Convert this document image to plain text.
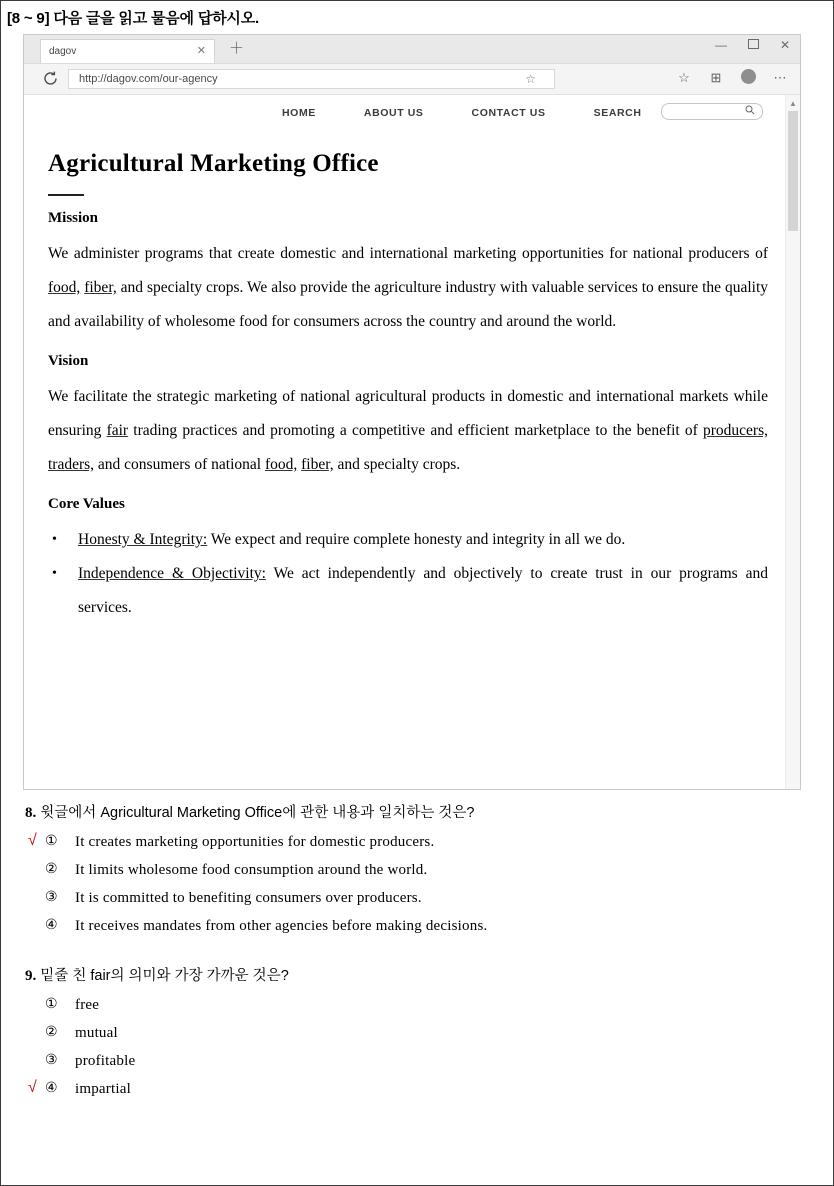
[8 ~ 9] 다음 글을 읽고 물음에 답하시오.
dagov	✕ ＋	—	✕
http://dagov.com/our-agency	☆	☆ ⊞	⋯
HOME	ABOUT US	CONTACT US	SEARCH
Agricultural Marketing Office
Mission

We administer programs that create domestic and international marketing opportunities for national producers of food, fiber, and specialty crops. We also provide the agriculture industry with valuable services to ensure the quality and availability of wholesome food for consumers across the country and around the world.

Vision

We facilitate the strategic marketing of national agricultural products in domestic and international markets while ensuring fair trading practices and promoting a competitive and efficient marketplace to the benefit of producers, traders, and consumers of national food, fiber, and specialty crops.

Core Values
• Honesty & Integrity: We expect and require complete honesty and integrity in all we do.
• Independence & Objectivity: We act independently and objectively to create trust in our programs and services.
▲
8. 윗글에서 Agricultural Marketing Office에 관한 내용과 일치하는 것은?
√ ① It creates marketing opportunities for domestic producers.
② It limits wholesome food consumption around the world.
③ It is committed to benefiting consumers over producers.
④ It receives mandates from other agencies before making decisions.
9. 밑줄 친 fair의 의미와 가장 가까운 것은?
① free
② mutual
③ profitable
√ ④ impartial
